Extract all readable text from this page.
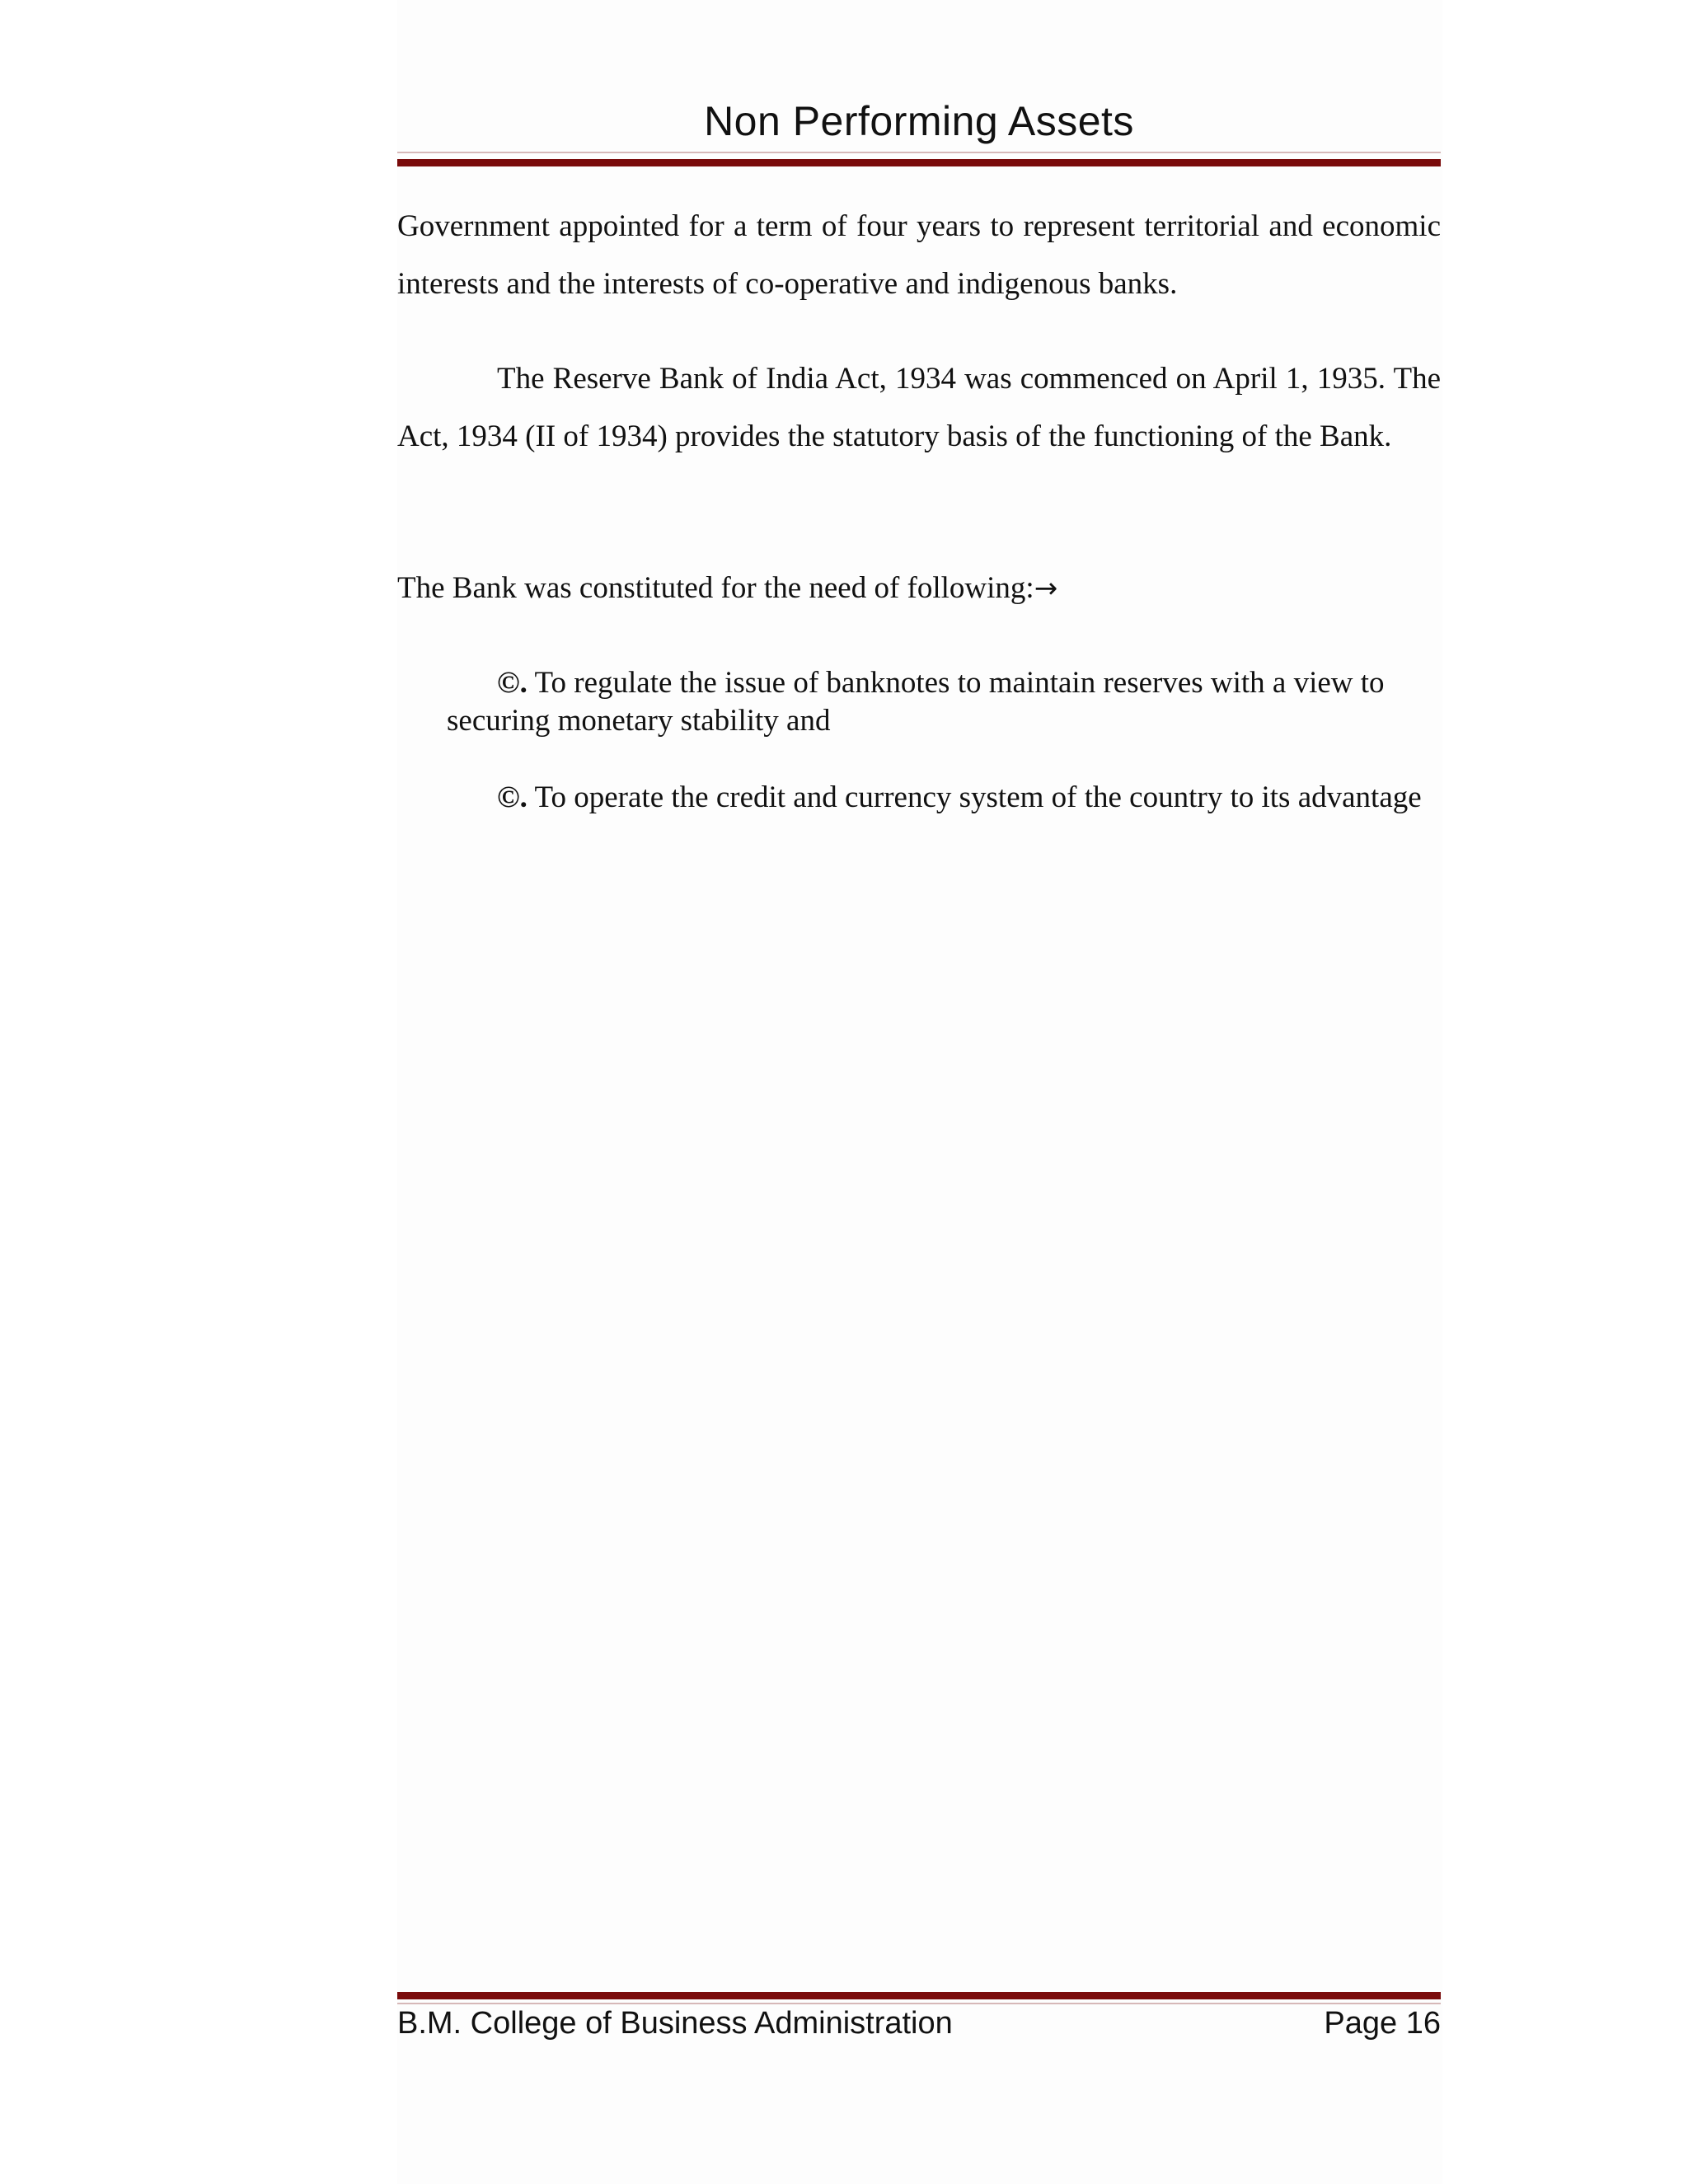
Non Performing Assets

Government appointed for a term of four years to represent territorial and economic interests and the interests of co-operative and indigenous banks.

The Reserve Bank of India Act, 1934 was commenced on April 1, 1935. The Act, 1934 (II of 1934) provides the statutory basis of the functioning of the Bank.

The Bank was constituted for the need of following:→

©. To regulate the issue of banknotes to maintain reserves with a view to securing monetary stability and

©. To operate the credit and currency system of the country to its advantage

B.M. College of Business Administration	Page 16
